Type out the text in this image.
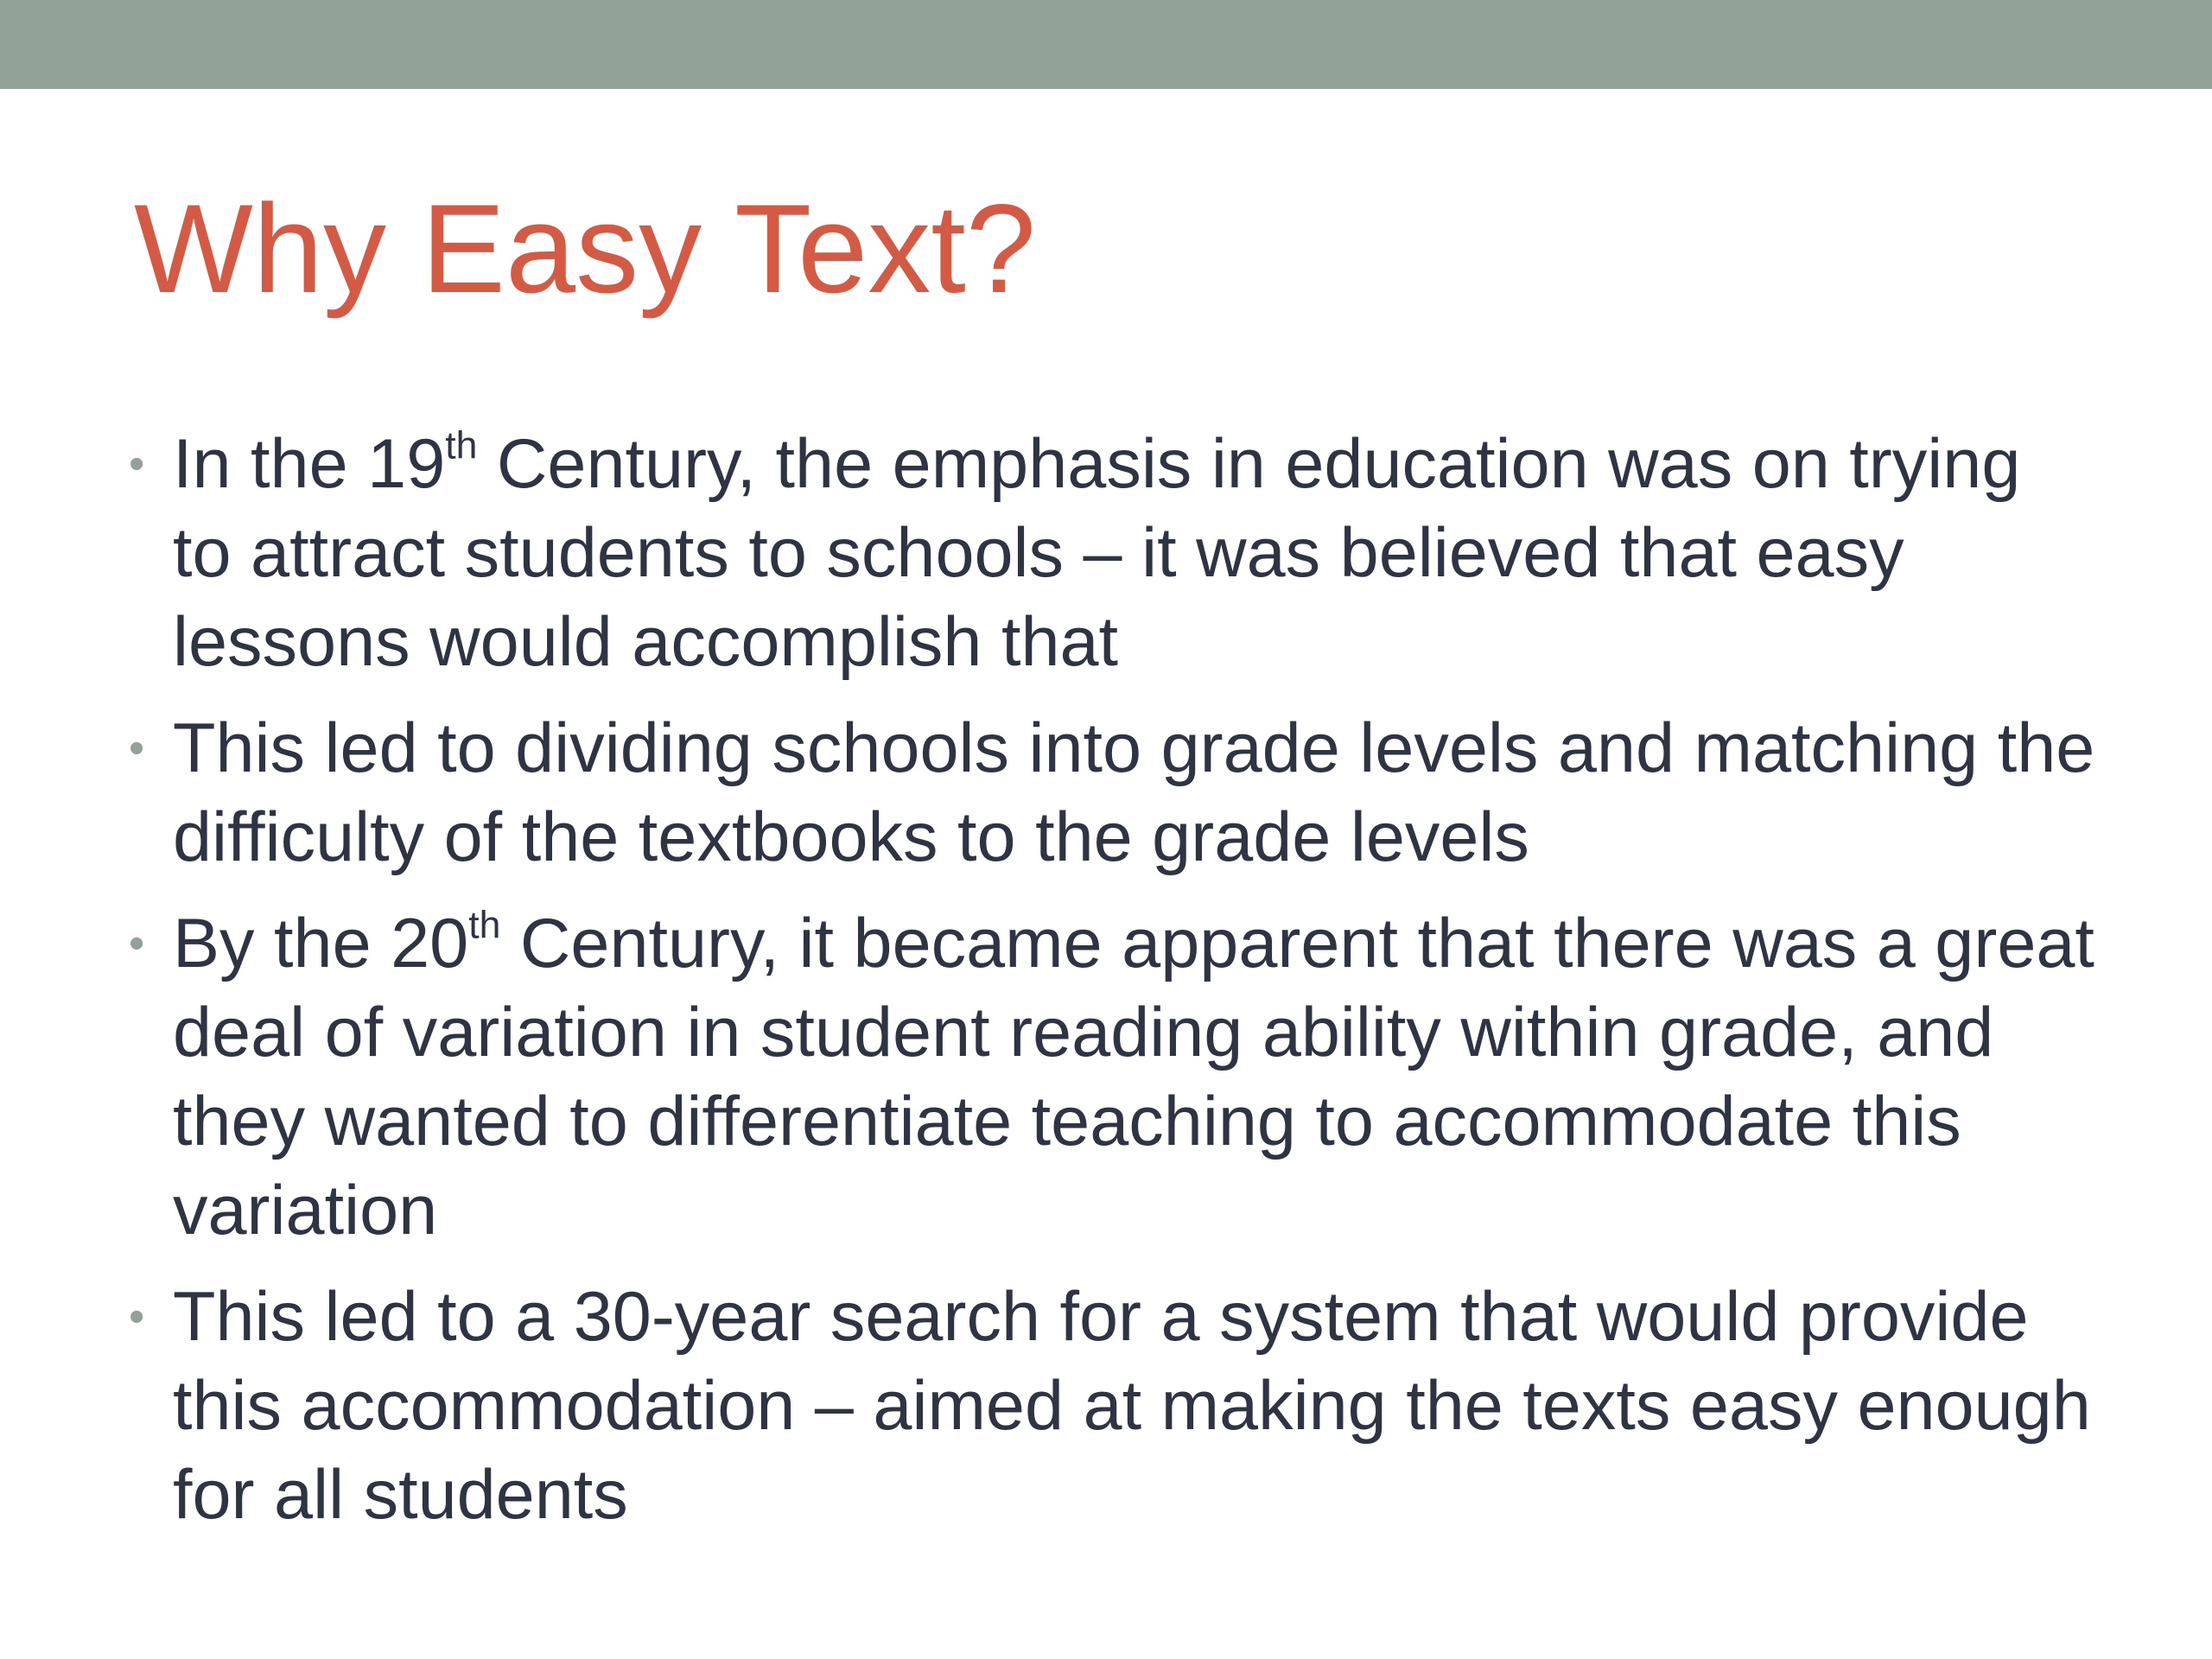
Why Easy Text?
• In the 19th Century, the emphasis in education was on trying to attract students to schools – it was believed that easy lessons would accomplish that
• This led to dividing schools into grade levels and matching the difficulty of the textbooks to the grade levels
• By the 20th Century, it became apparent that there was a great deal of variation in student reading ability within grade, and they wanted to differentiate teaching to accommodate this variation
• This led to a 30-year search for a system that would provide this accommodation – aimed at making the texts easy enough for all students
